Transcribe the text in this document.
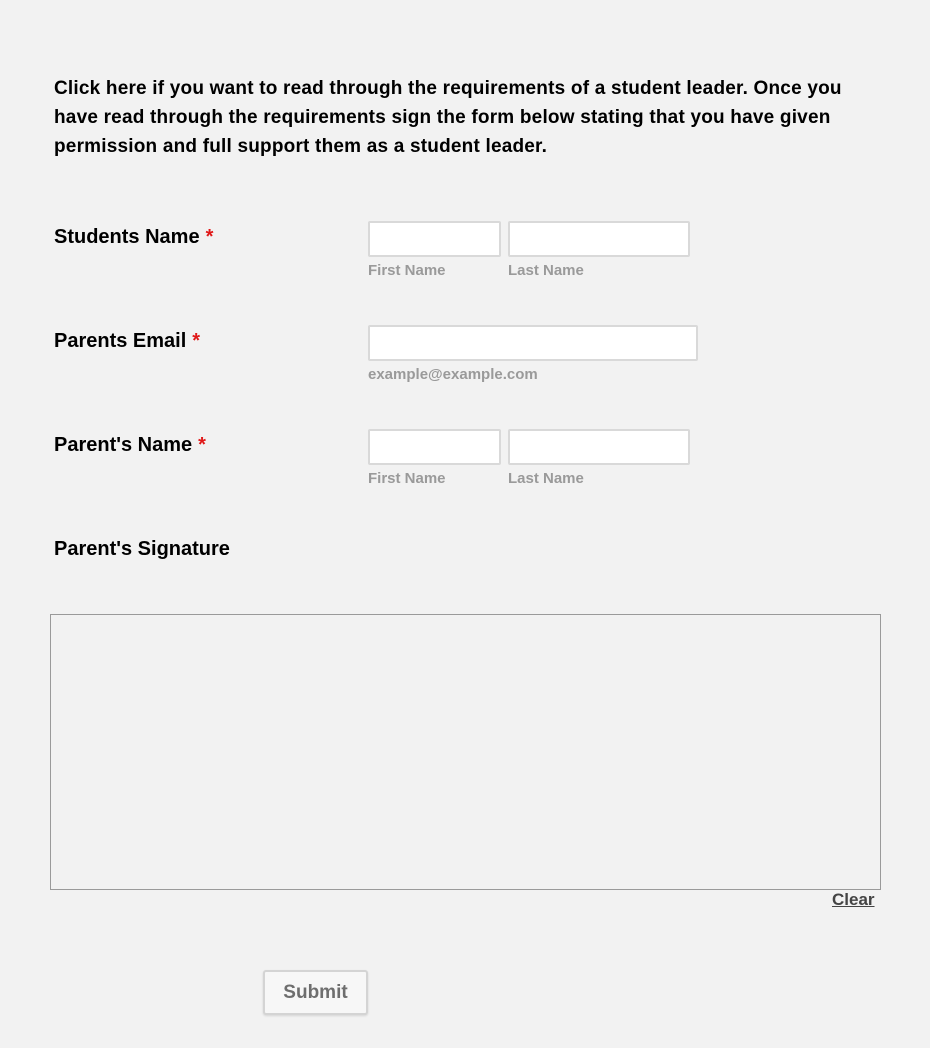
Click here if you want to read through the requirements of a student leader. Once you have read through the requirements sign the form below stating that you have given permission and full support them as a student leader.

Students Name *
First Name	Last Name
Parents Email *
example@example.com
Parent's Name *
First Name	Last Name
Parent's Signature
Clear
Submit
